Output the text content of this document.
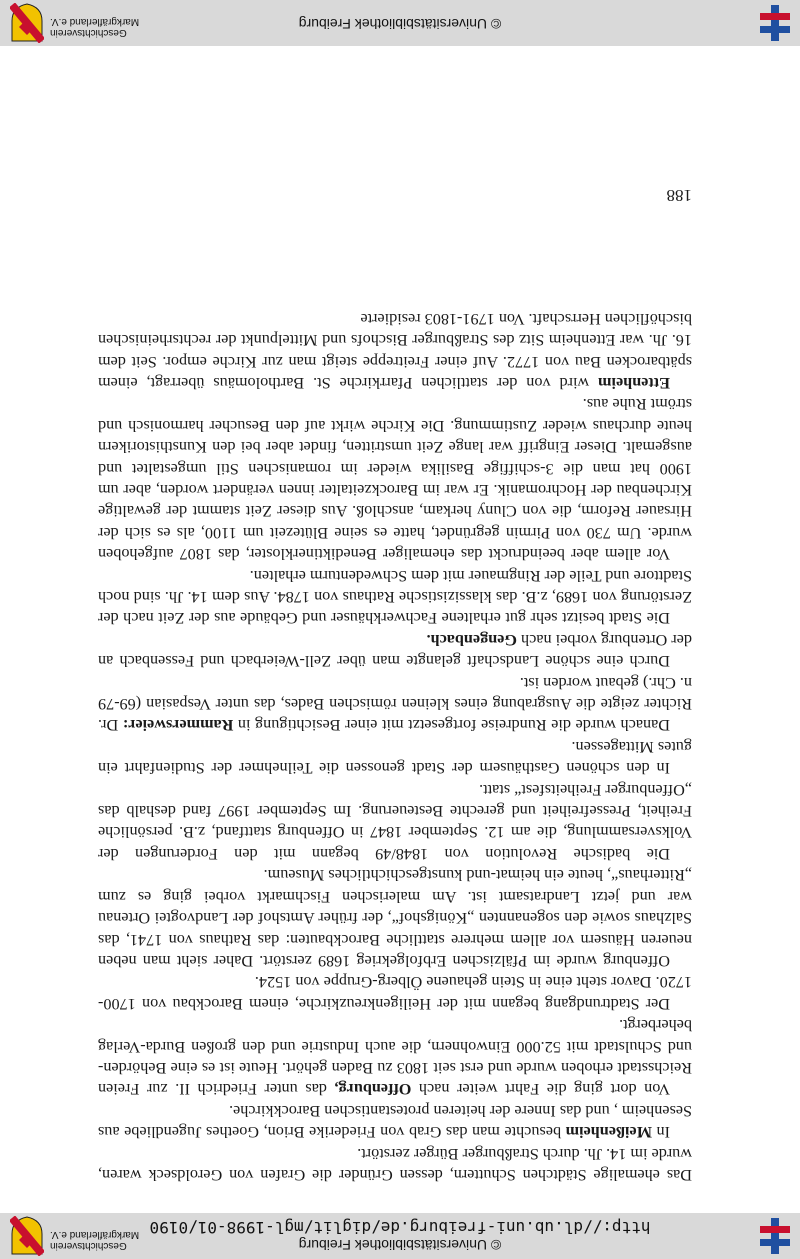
© Universitätsbibliothek Freiburg
http://dl.ub.uni-freiburg.de/diglit/mgl-1998-01/0190
Geschichtsverein
Markgräflerland e.V.

Das ehemalige Städtchen Schuttern, dessen Gründer die Grafen von Geroldseck waren, wurde im 14. Jh. durch Straßburger Bürger zerstört.

In Meißenheim besuchte man das Grab von Friederike Brion, Goethes Jugendliebe aus Sesenheim , und das Innere der heiteren protestantischen Barockkirche.

Von dort ging die Fahrt weiter nach Offenburg, das unter Friedrich II. zur Freien Reichsstadt erhoben wurde und erst seit 1803 zu Baden gehört. Heute ist es eine Behörden- und Schulstadt mit 52.000 Einwohnern, die auch Industrie und den großen Burda-Verlag beherbergt.

Der Stadtrundgang begann mit der Heiligenkreuzkirche, einem Barockbau von 1700-1720. Davor steht eine in Stein gehauene Ölberg-Gruppe von 1524.

Offenburg wurde im Pfälzischen Erbfolgekrieg 1689 zerstört. Daher sieht man neben neueren Häusern vor allem mehrere stattliche Barockbauten: das Rathaus von 1741, das Salzhaus sowie den sogenannten „Königshof“, der früher Amtshof der Landvogtei Ortenau war und jetzt Landratsamt ist. Am malerischen Fischmarkt vorbei ging es zum „Ritterhaus“, heute ein heimat-und kunstgeschichtliches Museum.

Die badische Revolution von 1848/49 begann mit den Forderungen der Volksversammlung, die am 12. September 1847 in Offenburg stattfand, z.B. persönliche Freiheit, Pressefreiheit und gerechte Besteuerung. Im September 1997 fand deshalb das „Offenburger Freiheitsfest“ statt.

In den schönen Gasthäusern der Stadt genossen die Teilnehmer der Studienfahrt ein gutes Mittagessen.

Danach wurde die Rundreise fortgesetzt mit einer Besichtigung in Rammersweier: Dr. Richter zeigte die Ausgrabung eines kleinen römischen Bades, das unter Vespasian (69-79 n. Chr.) gebaut worden ist.

Durch eine schöne Landschaft gelangte man über Zell-Weierbach und Fessenbach an der Ortenburg vorbei nach Gengenbach.

Die Stadt besitzt sehr gut erhaltene Fachwerkhäuser und Gebäude aus der Zeit nach der Zerstörung von 1689, z.B. das klassizistische Rathaus von 1784. Aus dem 14. Jh. sind noch Stadttore und Teile der Ringmauer mit dem Schwedenturm erhalten.

Vor allem aber beeindruckt das ehemaliger Benediktinerkloster, das 1807 aufgehoben wurde. Um 730 von Pirmin gegründet, hatte es seine Blütezeit um 1100, als es sich der Hirsauer Reform, die von Cluny herkam, anschloß. Aus dieser Zeit stammt der gewaltige Kirchenbau der Hochromanik. Er war im Barockzeitalter innen verändert worden, aber um 1900 hat man die 3-schiffige Basilika wieder im romanischen Stil umgestaltet und ausgemalt. Dieser Eingriff war lange Zeit umstritten, findet aber bei den Kunsthistorikern heute durchaus wieder Zustimmung. Die Kirche wirkt auf den Besucher harmonisch und strömt Ruhe aus.

Ettenheim wird von der stattlichen Pfarrkirche St. Bartholomäus überragt, einem spätbarocken Bau von 1772. Auf einer Freitreppe steigt man zur Kirche empor. Seit dem 16. Jh. war Ettenheim Sitz des Straßburger Bischofs und Mittelpunkt der rechtsrheinischen bischöflichen Herrschaft. Von 1791-1803 residierte

188
© Universitätsbibliothek Freiburg
Geschichtsverein
Markgräflerland e.V.
